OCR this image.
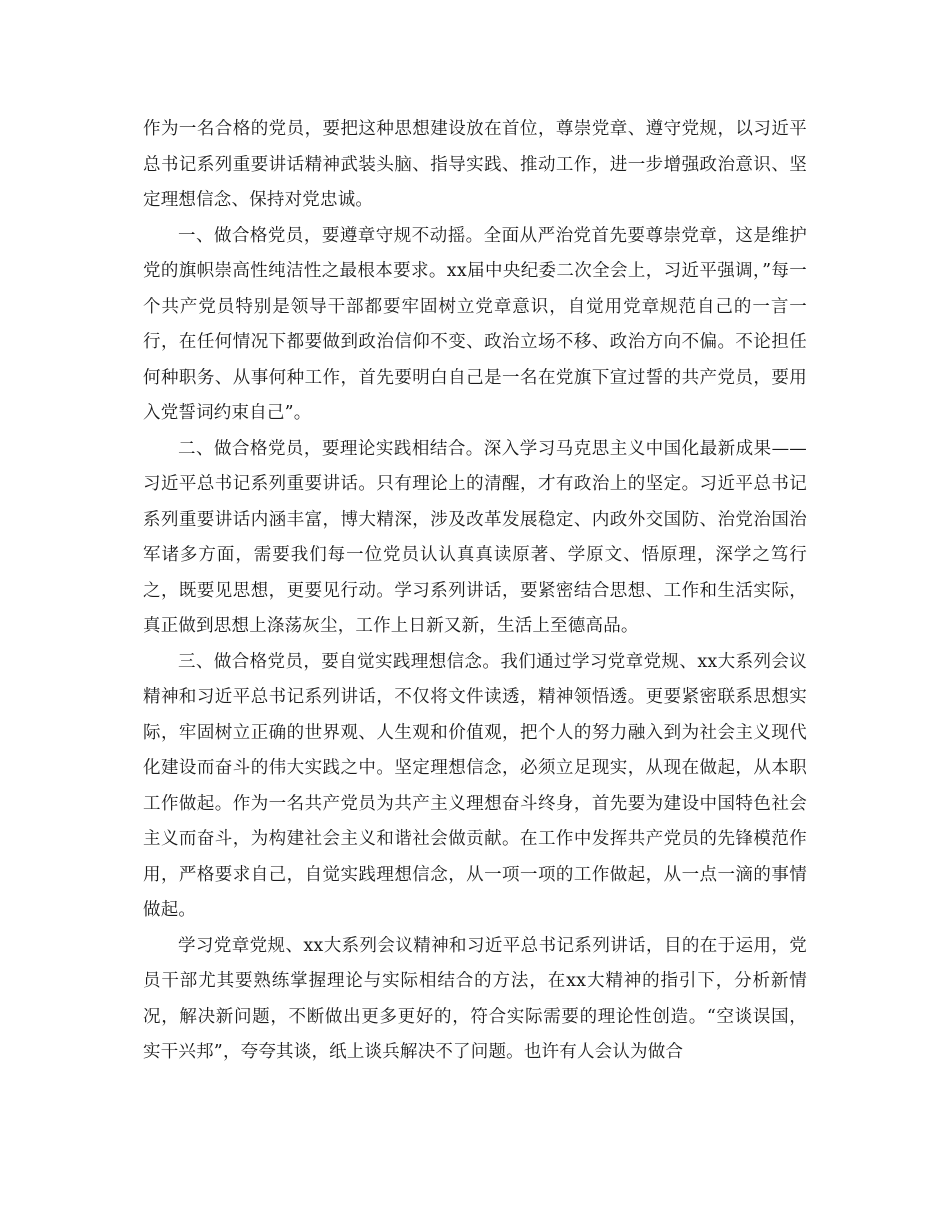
作为一名合格的党员，要把这种思想建设放在首位，尊崇党章、遵守党规，以习近平总书记系列重要讲话精神武装头脑、指导实践、推动工作，进一步增强政治意识、坚定理想信念、保持对党忠诚。

一、做合格党员，要遵章守规不动摇。全面从严治党首先要尊崇党章，这是维护党的旗帜崇高性纯洁性之最根本要求。xx届中央纪委二次全会上，习近平强调，”每一个共产党员特别是领导干部都要牢固树立党章意识，自觉用党章规范自己的一言一行，在任何情况下都要做到政治信仰不变、政治立场不移、政治方向不偏。不论担任何种职务、从事何种工作，首先要明白自己是一名在党旗下宣过誓的共产党员，要用入党誓词约束自己”。

二、做合格党员，要理论实践相结合。深入学习马克思主义中国化最新成果——习近平总书记系列重要讲话。只有理论上的清醒，才有政治上的坚定。习近平总书记系列重要讲话内涵丰富，博大精深，涉及改革发展稳定、内政外交国防、治党治国治军诸多方面，需要我们每一位党员认认真真读原著、学原文、悟原理，深学之笃行之，既要见思想，更要见行动。学习系列讲话，要紧密结合思想、工作和生活实际，真正做到思想上涤荡灰尘，工作上日新又新，生活上至德高品。

三、做合格党员，要自觉实践理想信念。我们通过学习党章党规、xx大系列会议精神和习近平总书记系列讲话，不仅将文件读透，精神领悟透。更要紧密联系思想实际，牢固树立正确的世界观、人生观和价值观，把个人的努力融入到为社会主义现代化建设而奋斗的伟大实践之中。坚定理想信念，必须立足现实，从现在做起，从本职工作做起。作为一名共产党员为共产主义理想奋斗终身，首先要为建设中国特色社会主义而奋斗，为构建社会主义和谐社会做贡献。在工作中发挥共产党员的先锋模范作用，严格要求自己，自觉实践理想信念，从一项一项的工作做起，从一点一滴的事情做起。

学习党章党规、xx大系列会议精神和习近平总书记系列讲话，目的在于运用，党员干部尤其要熟练掌握理论与实际相结合的方法，在xx大精神的指引下，分析新情况，解决新问题，不断做出更多更好的，符合实际需要的理论性创造。“空谈误国，实干兴邦”，夸夸其谈，纸上谈兵解决不了问题。也许有人会认为做合
